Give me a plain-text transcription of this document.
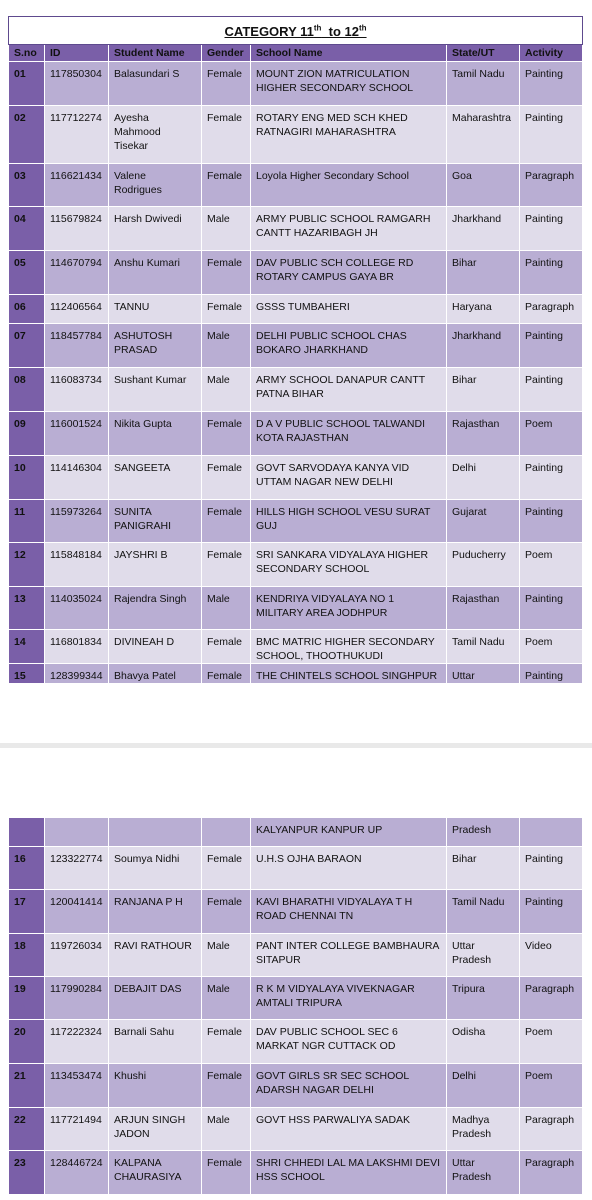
CATEGORY 11th  to 12th
S.no	ID	Student Name	Gender	School Name	State/UT	Activity
01	117850304	Balasundari S	Female	MOUNT ZION MATRICULATION HIGHER SECONDARY SCHOOL	Tamil Nadu	Painting
02	117712274	Ayesha Mahmood Tisekar	Female	ROTARY ENG MED SCH KHED RATNAGIRI MAHARASHTRA	Maharashtra	Painting
03	116621434	Valene Rodrigues	Female	Loyola Higher Secondary School	Goa	Paragraph
04	115679824	Harsh Dwivedi	Male	ARMY PUBLIC SCHOOL RAMGARH CANTT HAZARIBAGH JH	Jharkhand	Painting
05	114670794	Anshu Kumari	Female	DAV PUBLIC SCH COLLEGE RD ROTARY CAMPUS GAYA BR	Bihar	Painting
06	112406564	TANNU	Female	GSSS TUMBAHERI	Haryana	Paragraph
07	118457784	ASHUTOSH PRASAD	Male	DELHI PUBLIC SCHOOL CHAS BOKARO JHARKHAND	Jharkhand	Painting
08	116083734	Sushant Kumar	Male	ARMY SCHOOL DANAPUR CANTT PATNA BIHAR	Bihar	Painting
09	116001524	Nikita Gupta	Female	D A V PUBLIC SCHOOL TALWANDI KOTA RAJASTHAN	Rajasthan	Poem
10	114146304	SANGEETA	Female	GOVT SARVODAYA KANYA VID UTTAM NAGAR NEW DELHI	Delhi	Painting
11	115973264	SUNITA PANIGRAHI	Female	HILLS HIGH SCHOOL VESU SURAT GUJ	Gujarat	Painting
12	115848184	JAYSHRI B	Female	SRI SANKARA VIDYALAYA HIGHER SECONDARY SCHOOL	Puducherry	Poem
13	114035024	Rajendra Singh	Male	KENDRIYA VIDYALAYA NO 1 MILITARY AREA JODHPUR	Rajasthan	Painting
14	116801834	DIVINEAH D	Female	BMC MATRIC HIGHER SECONDARY SCHOOL, THOOTHUKUDI	Tamil Nadu	Poem
15	128399344	Bhavya Patel	Female	THE CHINTELS SCHOOL SINGHPUR	Uttar	Painting
				KALYANPUR KANPUR UP	Pradesh	
16	123322774	Soumya Nidhi	Female	U.H.S OJHA BARAON	Bihar	Painting
17	120041414	RANJANA P H	Female	KAVI BHARATHI VIDYALAYA T H ROAD CHENNAI TN	Tamil Nadu	Painting
18	119726034	RAVI RATHOUR	Male	PANT INTER COLLEGE BAMBHAURA SITAPUR	Uttar Pradesh	Video
19	117990284	DEBAJIT DAS	Male	R K M VIDYALAYA VIVEKNAGAR AMTALI TRIPURA	Tripura	Paragraph
20	117222324	Barnali Sahu	Female	DAV PUBLIC SCHOOL SEC 6 MARKAT NGR CUTTACK OD	Odisha	Poem
21	113453474	Khushi	Female	GOVT GIRLS SR SEC SCHOOL ADARSH NAGAR DELHI	Delhi	Poem
22	117721494	ARJUN SINGH JADON	Male	GOVT HSS PARWALIYA SADAK	Madhya Pradesh	Paragraph
23	128446724	KALPANA CHAURASIYA	Female	SHRI CHHEDI LAL MA LAKSHMI DEVI HSS SCHOOL	Uttar Pradesh	Paragraph
